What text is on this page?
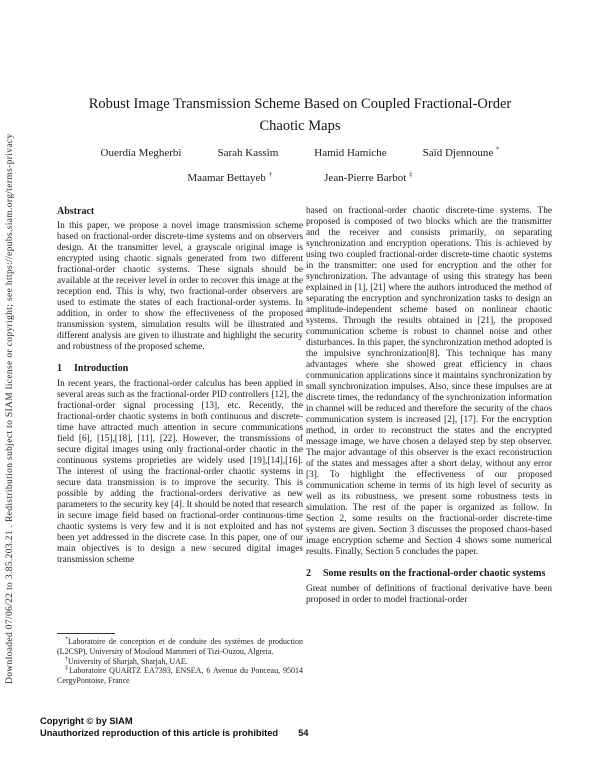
Downloaded 07/06/22 to 3.85.203.21 . Redistribution subject to SIAM license or copyright; see https://epubs.siam.org/terms-privacy
Robust Image Transmission Scheme Based on Coupled Fractional-Order
Chaotic Maps
Ouerdia Megherbi	Sarah Kassim	Hamid Hamiche	Saïd Djennoune *
Maamar Bettayeb †	Jean-Pierre Barbot ‡
Abstract

In this paper, we propose a novel image transmission scheme based on fractional-order discrete-time systems and on observers design. At the transmitter level, a grayscale original image is encrypted using chaotic signals generated from two different fractional-order chaotic systems. These signals should be available at the receiver level in order to recover this image at the reception end. This is why, two fractional-order observers are used to estimate the states of each fractional-order systems. In addition, in order to show the effectiveness of the proposed transmission system, simulation results will be illustrated and different analysis are given to illustrate and highlight the security and robustness of the proposed scheme.

1	Introduction

In recent years, the fractional-order calculus has been applied in several areas such as the fractional-order PID controllers [12], the fractional-order signal processing [13], etc. Recently, the fractional-order chaotic systems in both continuous and discrete-time have attracted much attention in secure communications field [6], [15],[18], [11], [22]. However, the transmissions of secure digital images using only fractional-order chaotic in the continuous systems proprieties are widely used [19],[14],[16]. The interest of using the fractional-order chaotic systems in secure data transmission is to improve the security. This is possible by adding the fractional-orders derivative as new parameters to the security key [4]. It should be noted that research in secure image field based on fractional-order continuous-time chaotic systems is very few and it is not exploited and has not been yet addressed in the discrete case. In this paper, one of our main objectives is to design a new secured digital images transmission scheme

*Laboratoire de conception et de conduite des systèmes de production (L2CSP), University of Mouloud Mammeri of Tizi-Ouzou, Algeria.

†University of Sharjah, Sharjah, UAE.

‡Laboratoire QUARTZ EA7393, ENSEA, 6 Avenue du Ponceau, 95014 CergyPontoise, France

based on fractional-order chaotic discrete-time systems. The proposed is composed of two blocks which are the transmitter and the receiver and consists primarily, on separating synchronization and encryption operations. This is achieved by using two coupled fractional-order discrete-time chaotic systems in the transmitter: one used for encryption and the other for synchronization. The advantage of using this strategy has been explained in [1], [21] where the authors introduced the method of separating the encryption and synchronization tasks to design an amplitude-independent scheme based on nonlinear chaotic systems. Through the results obtained in [21], the proposed communication scheme is robust to channel noise and other disturbances. In this paper, the synchronization method adopted is the impulsive synchronization[8]. This technique has many advantages where she showed great efficiency in chaos communication applications since it maintains synchronization by small synchronization impulses. Also, since these impulses are at discrete times, the redundancy of the synchronization information in channel will be reduced and therefore the security of the chaos communication system is increased [2], [17]. For the encryption method, in order to reconstruct the states and the encrypted message image, we have chosen a delayed step by step observer. The major advantage of this observer is the exact reconstruction of the states and messages after a short delay, without any error [3]. To highlight the effectiveness of our proposed communication scheme in terms of its high level of security as well as its robustness, we present some robustness tests in simulation. The rest of the paper is organized as follow. In Section 2, some results on the fractional-order discrete-time systems are given. Section 3 discusses the proposed chaos-based image encryption scheme and Section 4 shows some numerical results. Finally, Section 5 concludes the paper.

2	Some results on the fractional-order chaotic systems

Great number of definitions of fractional derivative have been proposed in order to model fractional-order

Copyright © by SIAM
Unauthorized reproduction of this article is prohibited 54
